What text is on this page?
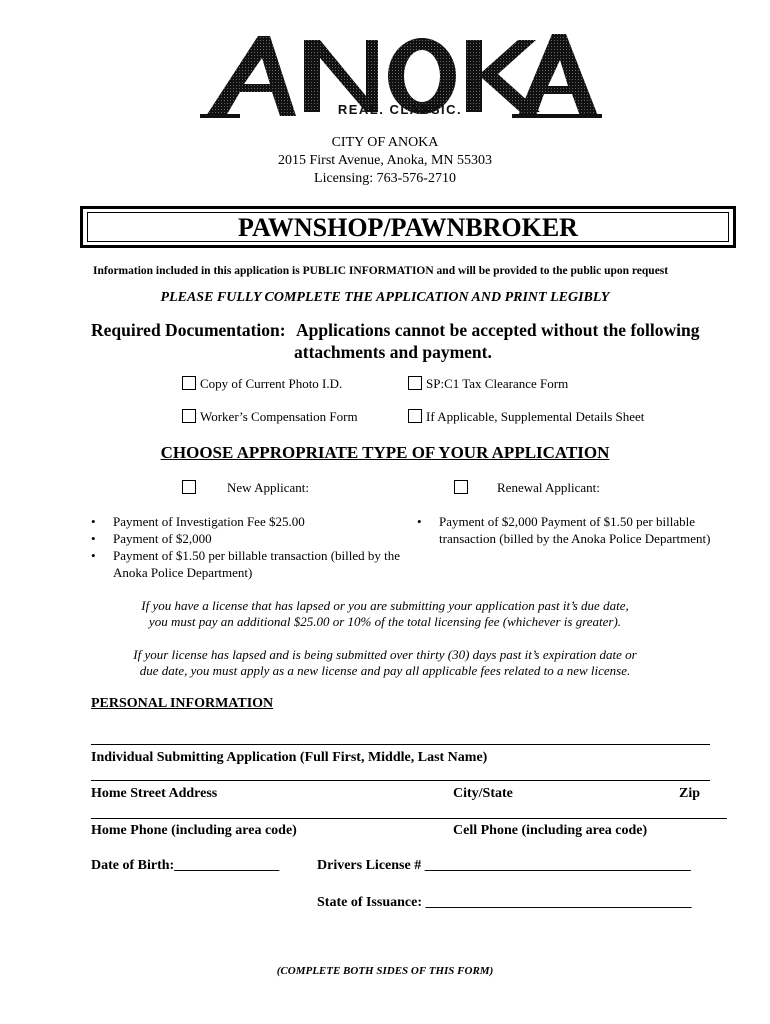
REAL. CLASSIC.
CITY OF ANOKA
2015 First Avenue, Anoka, MN 55303
Licensing: 763-576-2710
PAWNSHOP/PAWNBROKER
Information included in this application is PUBLIC INFORMATION and will be provided to the public upon request
PLEASE FULLY COMPLETE THE APPLICATION AND PRINT LEGIBLY
Required Documentation: Applications cannot be accepted without the following
attachments and payment.
Copy of Current Photo I.D.	SP:C1 Tax Clearance Form
Worker’s Compensation Form	If Applicable, Supplemental Details Sheet
CHOOSE APPROPRIATE TYPE OF YOUR APPLICATION
New Applicant:	Renewal Applicant:
• Payment of Investigation Fee $25.00
• Payment of $2,000
• Payment of $1.50 per billable transaction (billed by the Anoka Police Department)
• Payment of $2,000 Payment of $1.50 per billable transaction (billed by the Anoka Police Department)
If you have a license that has lapsed or you are submitting your application past it’s due date,
you must pay an additional $25.00 or 10% of the total licensing fee (whichever is greater).
If your license has lapsed and is being submitted over thirty (30) days past it’s expiration date or
due date, you must apply as a new license and pay all applicable fees related to a new license.
PERSONAL INFORMATION
Individual Submitting Application (Full First, Middle, Last Name)
Home Street Address	City/State	Zip
Home Phone (including area code)	Cell Phone (including area code)
Date of Birth:_______________	Drivers License # ______________________________________
State of Issuance: ______________________________________
(COMPLETE BOTH SIDES OF THIS FORM)
